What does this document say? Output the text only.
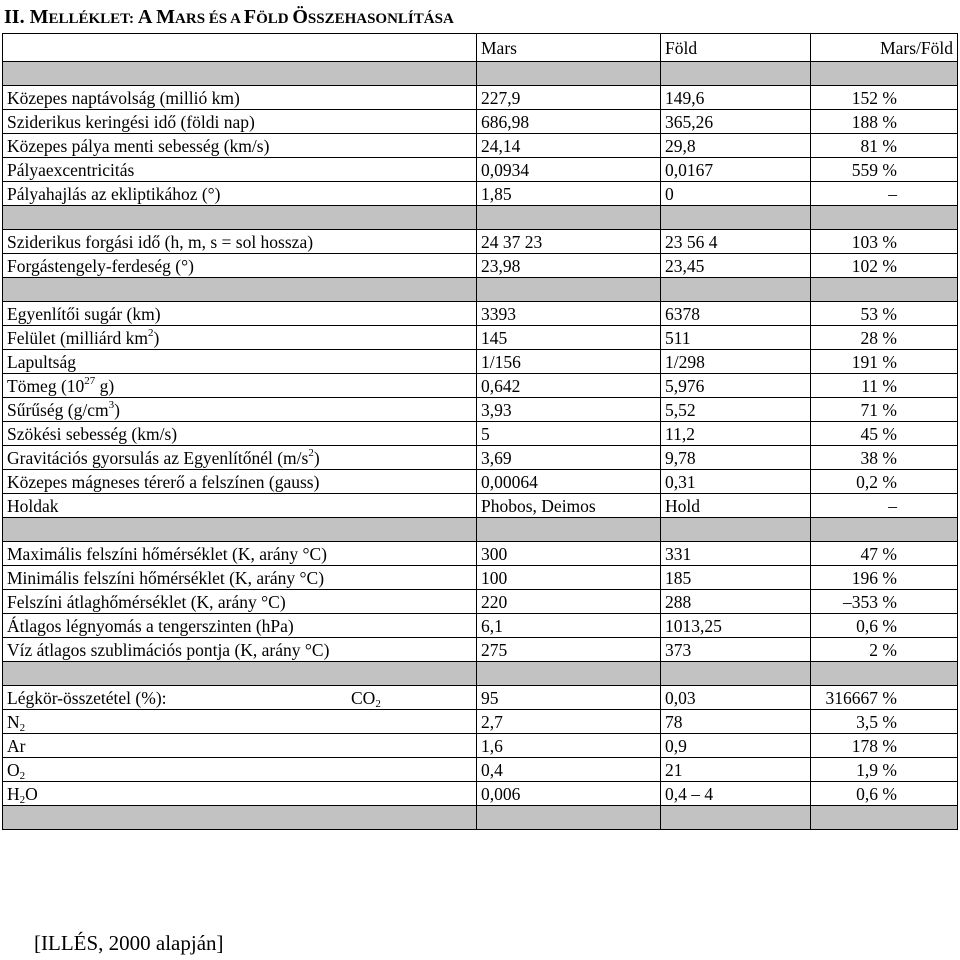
II. MELLÉKLET: A MARS ÉS A FÖLD ÖSSZEHASONLÍTÁSA
	Mars	Föld	Mars/Föld

Közepes naptávolság (millió km)	227,9	149,6	152 %
Sziderikus keringési idő (földi nap)	686,98	365,26	188 %
Közepes pálya menti sebesség (km/s)	24,14	29,8	81 %
Pályaexcentricitás	0,0934	0,0167	559 %
Pályahajlás az ekliptikához (°)	1,85	0	–

Sziderikus forgási idő (h, m, s = sol hossza)	24 37 23	23 56 4	103 %
Forgástengely-ferdeség (°)	23,98	23,45	102 %

Egyenlítői sugár (km)	3393	6378	53 %
Felület (milliárd $km^2$)	145	511	28 %
Lapultság	1/156	1/298	191 %
Tömeg ($10^{27}$ g)	0,642	5,976	11 %
Sűrűség $(g/cm^3)$	3,93	5,52	71 %
Szökési sebesség (km/s)	5	11,2	45 %
Gravitációs gyorsulás az Egyenlítőnél $(m/s^2)$	3,69	9,78	38 %
Közepes mágneses térerő a felszínen (gauss)	0,00064	0,31	0,2 %
Holdak	Phobos, Deimos	Hold	–

Maximális felszíni hőmérséklet (K, arány °C)	300	331	47 %
Minimális felszíni hőmérséklet (K, arány °C)	100	185	196 %
Felszíni átlaghőmérséklet (K, arány °C)	220	288	–353 %
Átlagos légnyomás a tengerszinten (hPa)	6,1	1013,25	0,6 %
Víz átlagos szublimációs pontja (K, arány °C)	275	373	2 %

Légkör-összetétel (%): $CO_2$	95	0,03	316667 %
$N_2$	2,7	78	3,5 %
Ar	1,6	0,9	178 %
$O_2$	0,4	21	1,9 %
$H_2O$	0,006	0,4 – 4	0,6 %

[ILLÉS, 2000 alapján]
